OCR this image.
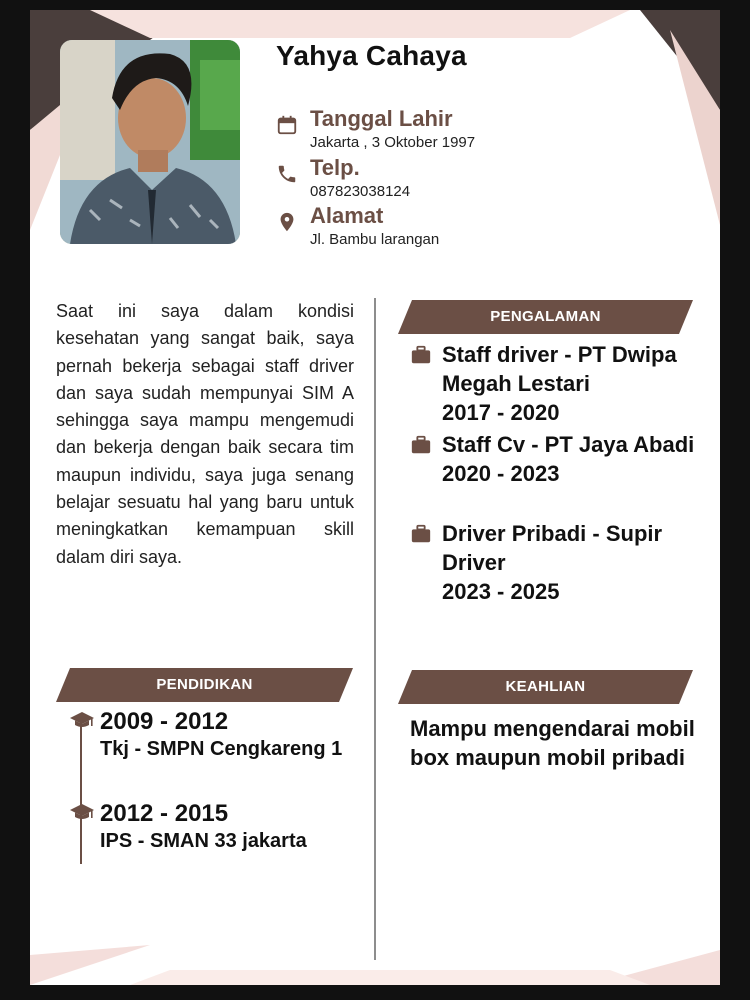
Yahya Cahaya
Tanggal Lahir
Jakarta , 3 Oktober 1997
Telp.
087823038124
Alamat
Jl. Bambu larangan
Saat ini saya dalam kondisi kesehatan yang sangat baik, saya pernah bekerja sebagai staff driver dan saya sudah mempunyai SIM A sehingga saya mampu mengemudi dan bekerja dengan baik secara tim maupun individu, saya juga senang belajar sesuatu hal yang baru untuk meningkatkan kemampuan skill dalam diri saya.
PENGALAMAN
Staff driver - PT Dwipa Megah Lestari
2017 - 2020
Staff Cv - PT Jaya Abadi
2020 - 2023
Driver Pribadi - Supir Driver
2023 - 2025
PENDIDIKAN
2009 - 2012
Tkj - SMPN Cengkareng 1
2012 - 2015
IPS - SMAN 33 jakarta
KEAHLIAN
Mampu mengendarai mobil box maupun mobil pribadi
